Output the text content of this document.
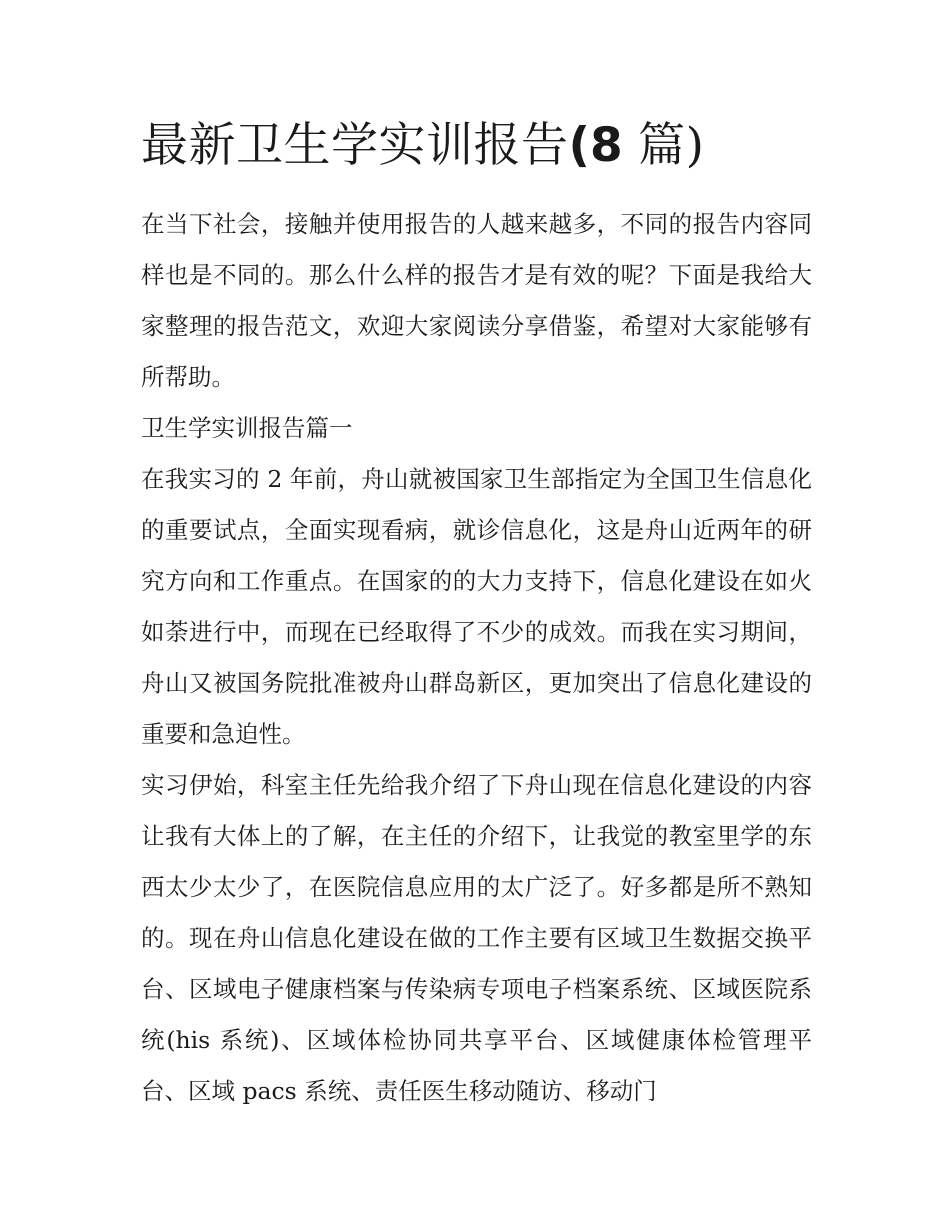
最新卫生学实训报告(8 篇)

在当下社会，接触并使用报告的人越来越多，不同的报告内容同样也是不同的。那么什么样的报告才是有效的呢？下面是我给大家整理的报告范文，欢迎大家阅读分享借鉴，希望对大家能够有所帮助。

卫生学实训报告篇一

在我实习的 2 年前，舟山就被国家卫生部指定为全国卫生信息化的重要试点，全面实现看病，就诊信息化，这是舟山近两年的研究方向和工作重点。在国家的的大力支持下，信息化建设在如火如荼进行中，而现在已经取得了不少的成效。而我在实习期间，舟山又被国务院批准被舟山群岛新区，更加突出了信息化建设的重要和急迫性。

实习伊始，科室主任先给我介绍了下舟山现在信息化建设的内容让我有大体上的了解，在主任的介绍下，让我觉的教室里学的东西太少太少了，在医院信息应用的太广泛了。好多都是所不熟知的。现在舟山信息化建设在做的工作主要有区域卫生数据交换平台、区域电子健康档案与传染病专项电子档案系统、区域医院系统(his 系统)、区域体检协同共享平台、区域健康体检管理平台、区域 pacs 系统、责任医生移动随访、移动门
